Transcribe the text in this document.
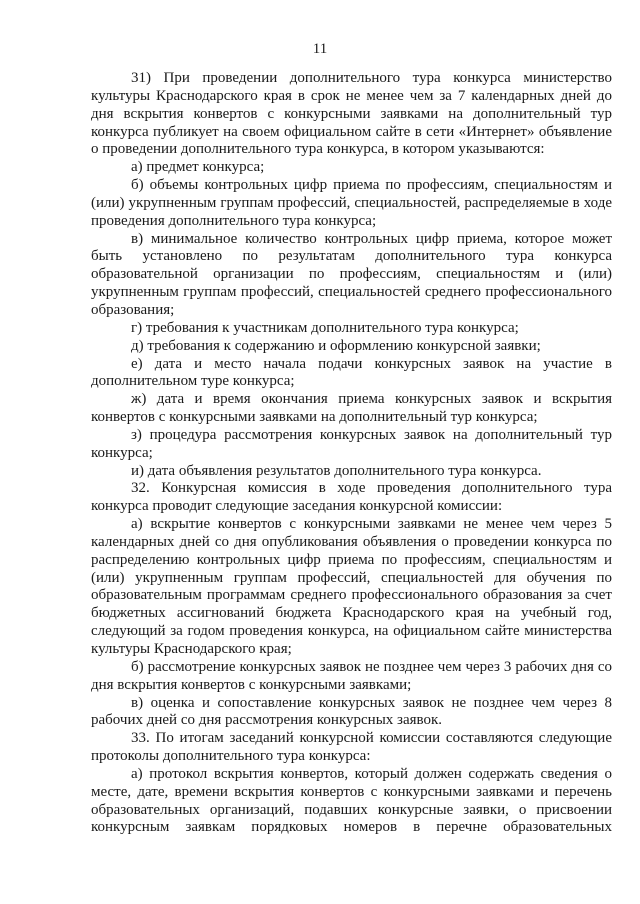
11

31) При проведении дополнительного тура конкурса министерство культуры Краснодарского края в срок не менее чем за 7 календарных дней до дня вскрытия конвертов с конкурсными заявками на дополнительный тур конкурса публикует на своем официальном сайте в сети «Интернет» объявление о проведении дополнительного тура конкурса, в котором указываются:

а) предмет конкурса;

б) объемы контрольных цифр приема по профессиям, специальностям и (или) укрупненным группам профессий, специальностей, распределяемые в ходе проведения дополнительного тура конкурса;

в) минимальное количество контрольных цифр приема, которое может быть установлено по результатам дополнительного тура конкурса образовательной организации по профессиям, специальностям и (или) укрупненным группам профессий, специальностей среднего профессионального образования;

г) требования к участникам дополнительного тура конкурса;

д) требования к содержанию и оформлению конкурсной заявки;

е) дата и место начала подачи конкурсных заявок на участие в дополнительном туре конкурса;

ж) дата и время окончания приема конкурсных заявок и вскрытия конвертов с конкурсными заявками на дополнительный тур конкурса;

з) процедура рассмотрения конкурсных заявок на дополнительный тур конкурса;

и) дата объявления результатов дополнительного тура конкурса.

32. Конкурсная комиссия в ходе проведения дополнительного тура конкурса проводит следующие заседания конкурсной комиссии:

а) вскрытие конвертов с конкурсными заявками не менее чем через 5 календарных дней со дня опубликования объявления о проведении конкурса по распределению контрольных цифр приема по профессиям, специальностям и (или) укрупненным группам профессий, специальностей для обучения по образовательным программам среднего профессионального образования за счет бюджетных ассигнований бюджета Краснодарского края на учебный год, следующий за годом проведения конкурса, на официальном сайте министерства культуры Краснодарского края;

б) рассмотрение конкурсных заявок не позднее чем через 3 рабочих дня со дня вскрытия конвертов с конкурсными заявками;

в) оценка и сопоставление конкурсных заявок не позднее чем через 8 рабочих дней со дня рассмотрения конкурсных заявок.

33. По итогам заседаний конкурсной комиссии составляются следующие протоколы дополнительного тура конкурса:

а) протокол вскрытия конвертов, который должен содержать сведения о месте, дате, времени вскрытия конвертов с конкурсными заявками и перечень образовательных организаций, подавших конкурсные заявки, о присвоении конкурсным заявкам порядковых номеров в перечне образовательных
